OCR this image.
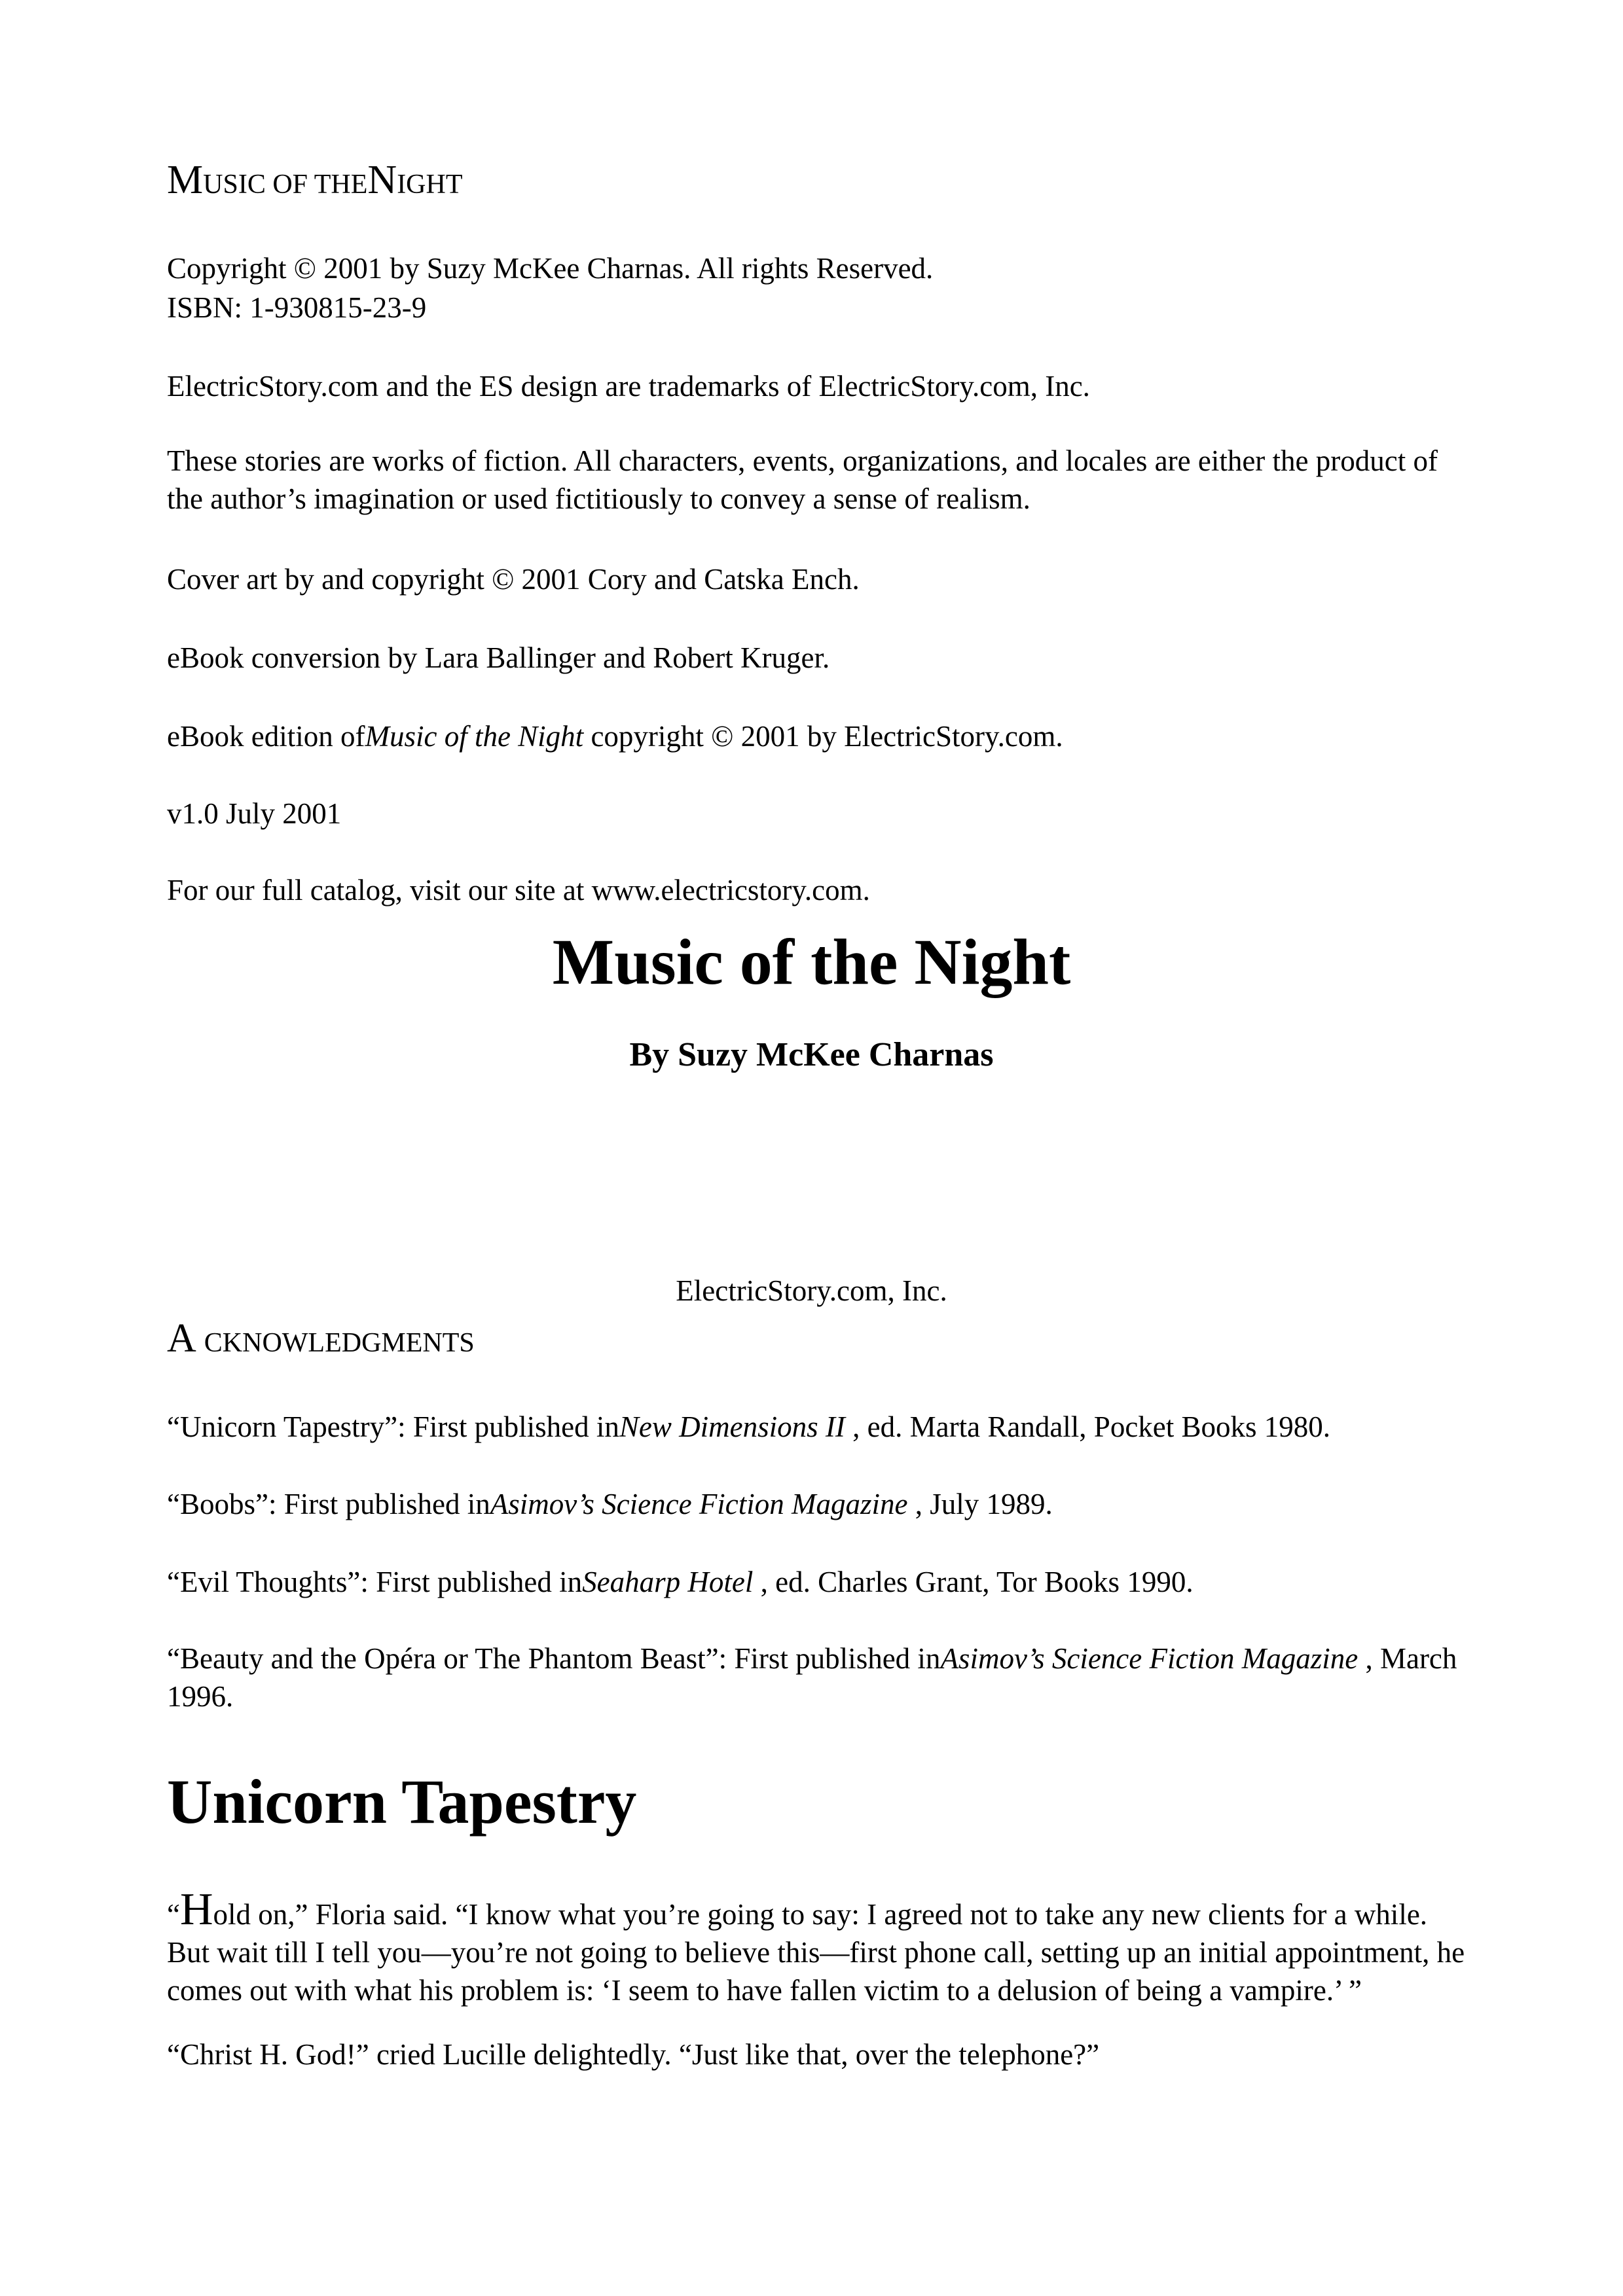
MUSIC OF THENIGHT

Copyright © 2001 by Suzy McKee Charnas. All rights Reserved.

ISBN: 1-930815-23-9

ElectricStory.com and the ES design are trademarks of ElectricStory.com, Inc.

These stories are works of fiction. All characters, events, organizations, and locales are either the product of the author’s imagination or used fictitiously to convey a sense of realism.

Cover art by and copyright © 2001 Cory and Catska Ench.

eBook conversion by Lara Ballinger and Robert Kruger.

eBook edition ofMusic of the Night copyright © 2001 by ElectricStory.com.

v1.0 July 2001

For our full catalog, visit our site at www.electricstory.com.

Music of the Night
By Suzy McKee Charnas

ElectricStory.com, Inc.

A CKNOWLEDGMENTS

“Unicorn Tapestry”: First published inNew Dimensions II , ed. Marta Randall, Pocket Books 1980.

“Boobs”: First published inAsimov’s Science Fiction Magazine , July 1989.

“Evil Thoughts”: First published inSeaharp Hotel , ed. Charles Grant, Tor Books 1990.

“Beauty and the Opéra or The Phantom Beast”: First published inAsimov’s Science Fiction Magazine , March 1996.

Unicorn Tapestry

“Hold on,” Floria said. “I know what you’re going to say: I agreed not to take any new clients for a while. But wait till I tell you—you’re not going to believe this—first phone call, setting up an initial appointment, he comes out with what his problem is: ‘I seem to have fallen victim to a delusion of being a vampire.’ ”

“Christ H. God!” cried Lucille delightedly. “Just like that, over the telephone?”
